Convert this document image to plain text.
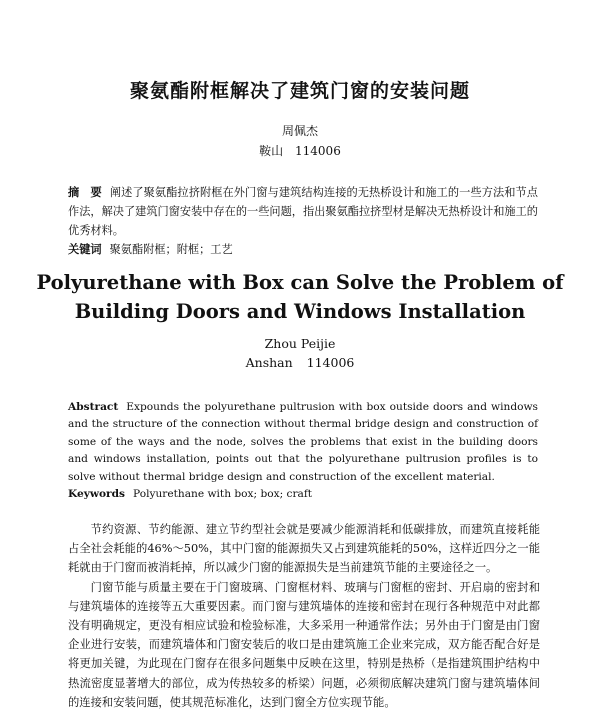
聚氨酯附框解决了建筑门窗的安装问题
周佩杰
鞍山 114006
摘　要 阐述了聚氨酯拉挤附框在外门窗与建筑结构连接的无热桥设计和施工的一些方法和节点作法，解决了建筑门窗安装中存在的一些问题，指出聚氨酯拉挤型材是解决无热桥设计和施工的优秀材料。
关键词 聚氨酯附框；附框；工艺
Polyurethane with Box can Solve the Problem of
Building Doors and Windows Installation
Zhou Peijie
Anshan 114006
Abstract Expounds the polyurethane pultrusion with box outside doors and windows and the structure of the connection without thermal bridge design and construction of some of the ways and the node, solves the problems that exist in the building doors and windows installation, points out that the polyurethane pultrusion profiles is to solve without thermal bridge design and construction of the excellent material.
Keywords Polyurethane with box; box; craft

节约资源、节约能源、建立节约型社会就是要减少能源消耗和低碳排放，而建筑直接耗能占全社会耗能的46%～50%，其中门窗的能源损失又占到建筑能耗的50%，这样近四分之一能耗就由于门窗而被消耗掉，所以减少门窗的能源损失是当前建筑节能的主要途径之一。

门窗节能与质量主要在于门窗玻璃、门窗框材料、玻璃与门窗框的密封、开启扇的密封和与建筑墙体的连接等五大重要因素。而门窗与建筑墙体的连接和密封在现行各种规范中对此都没有明确规定，更没有相应试验和检验标准，大多采用一种通常作法；另外由于门窗是由门窗企业进行安装，而建筑墙体和门窗安装后的收口是由建筑施工企业来完成，双方能否配合好是将更加关键，为此现在门窗存在很多问题集中反映在这里，特别是热桥（是指建筑围护结构中热流密度显著增大的部位，成为传热较多的桥梁）问题，必须彻底解决建筑门窗与建筑墙体间的连接和安装问题，使其规范标准化，达到门窗全方位实现节能。
